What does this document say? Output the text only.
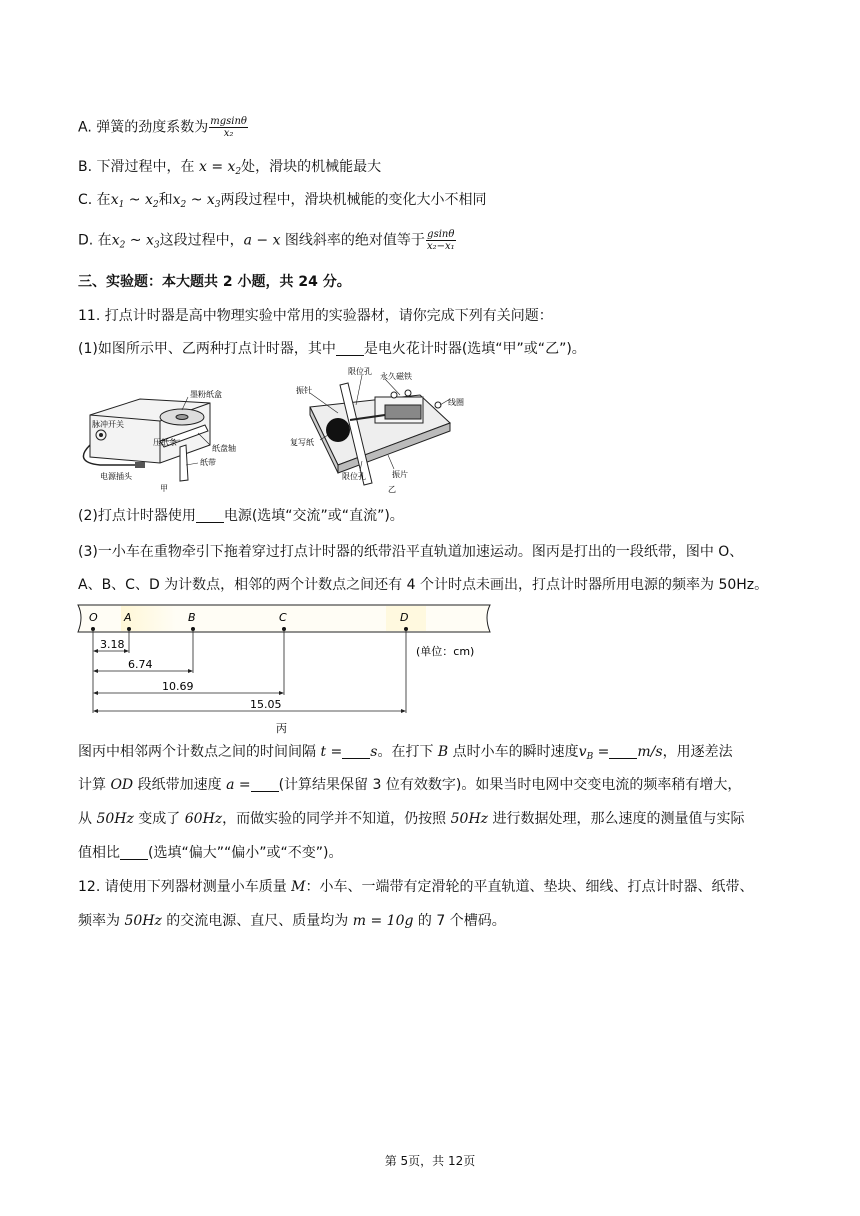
A. 弹簧的劲度系数为 $\frac{mgsin\theta}{\text{x₂}}$
B. 下滑过程中，在 $x = x_2$处，滑块的机械能最大
C. 在$x_1$ ~ $x_2$和$x_2$ ~ $x_3$两段过程中，滑块机械能的变化大小不相同
D. 在$x_2$ ~ $x_3$这段过程中，a − x 图线斜率的绝对值等于 $\frac{gsin\theta}{\text{x₂−x₁}}$
三、实验题：本大题共 2 小题，共 24 分。
11. 打点计时器是高中物理实验中常用的实验器材，请你完成下列有关问题：
(1)如图所示甲、乙两种打点计时器，其中 是电火花计时器(选填“甲”或“乙”)。
墨粉纸盒
脉冲开关
压纸条
纸盘轴
纸带
电源插头
甲
限位孔
永久磁铁
振针
线圈
复写纸
限位孔	振片
乙
(2)打点计时器使用 电源(选填“交流”或“直流”)。
(3)一小车在重物牵引下拖着穿过打点计时器的纸带沿平直轨道加速运动。图丙是打出的一段纸带，图中 O、
A、B、C、D 为计数点，相邻的两个计数点之间还有 4 个计时点未画出，打点计时器所用电源的频率为 50Hz。
O A	B	C	D
3.18
6.74
10.69
15.05
(单位：cm)
丙
图丙中相邻两个计数点之间的时间间隔 t = s。在打下 B 点时小车的瞬时速度$v_B = m/s$，用逐差法
计算 OD 段纸带加速度 a = (计算结果保留 3 位有效数字)。如果当时电网中交变电流的频率稍有增大，
从 50Hz 变成了 60Hz，而做实验的同学并不知道，仍按照 50Hz 进行数据处理，那么速度的测量值与实际
值相比 (选填“偏大”“偏小”或“不变”)。
12. 请使用下列器材测量小车质量 M：小车、一端带有定滑轮的平直轨道、垫块、细线、打点计时器、纸带、
频率为 50Hz 的交流电源、直尺、质量均为 m = 10g 的 7 个槽码。
第 5页，共 12页
